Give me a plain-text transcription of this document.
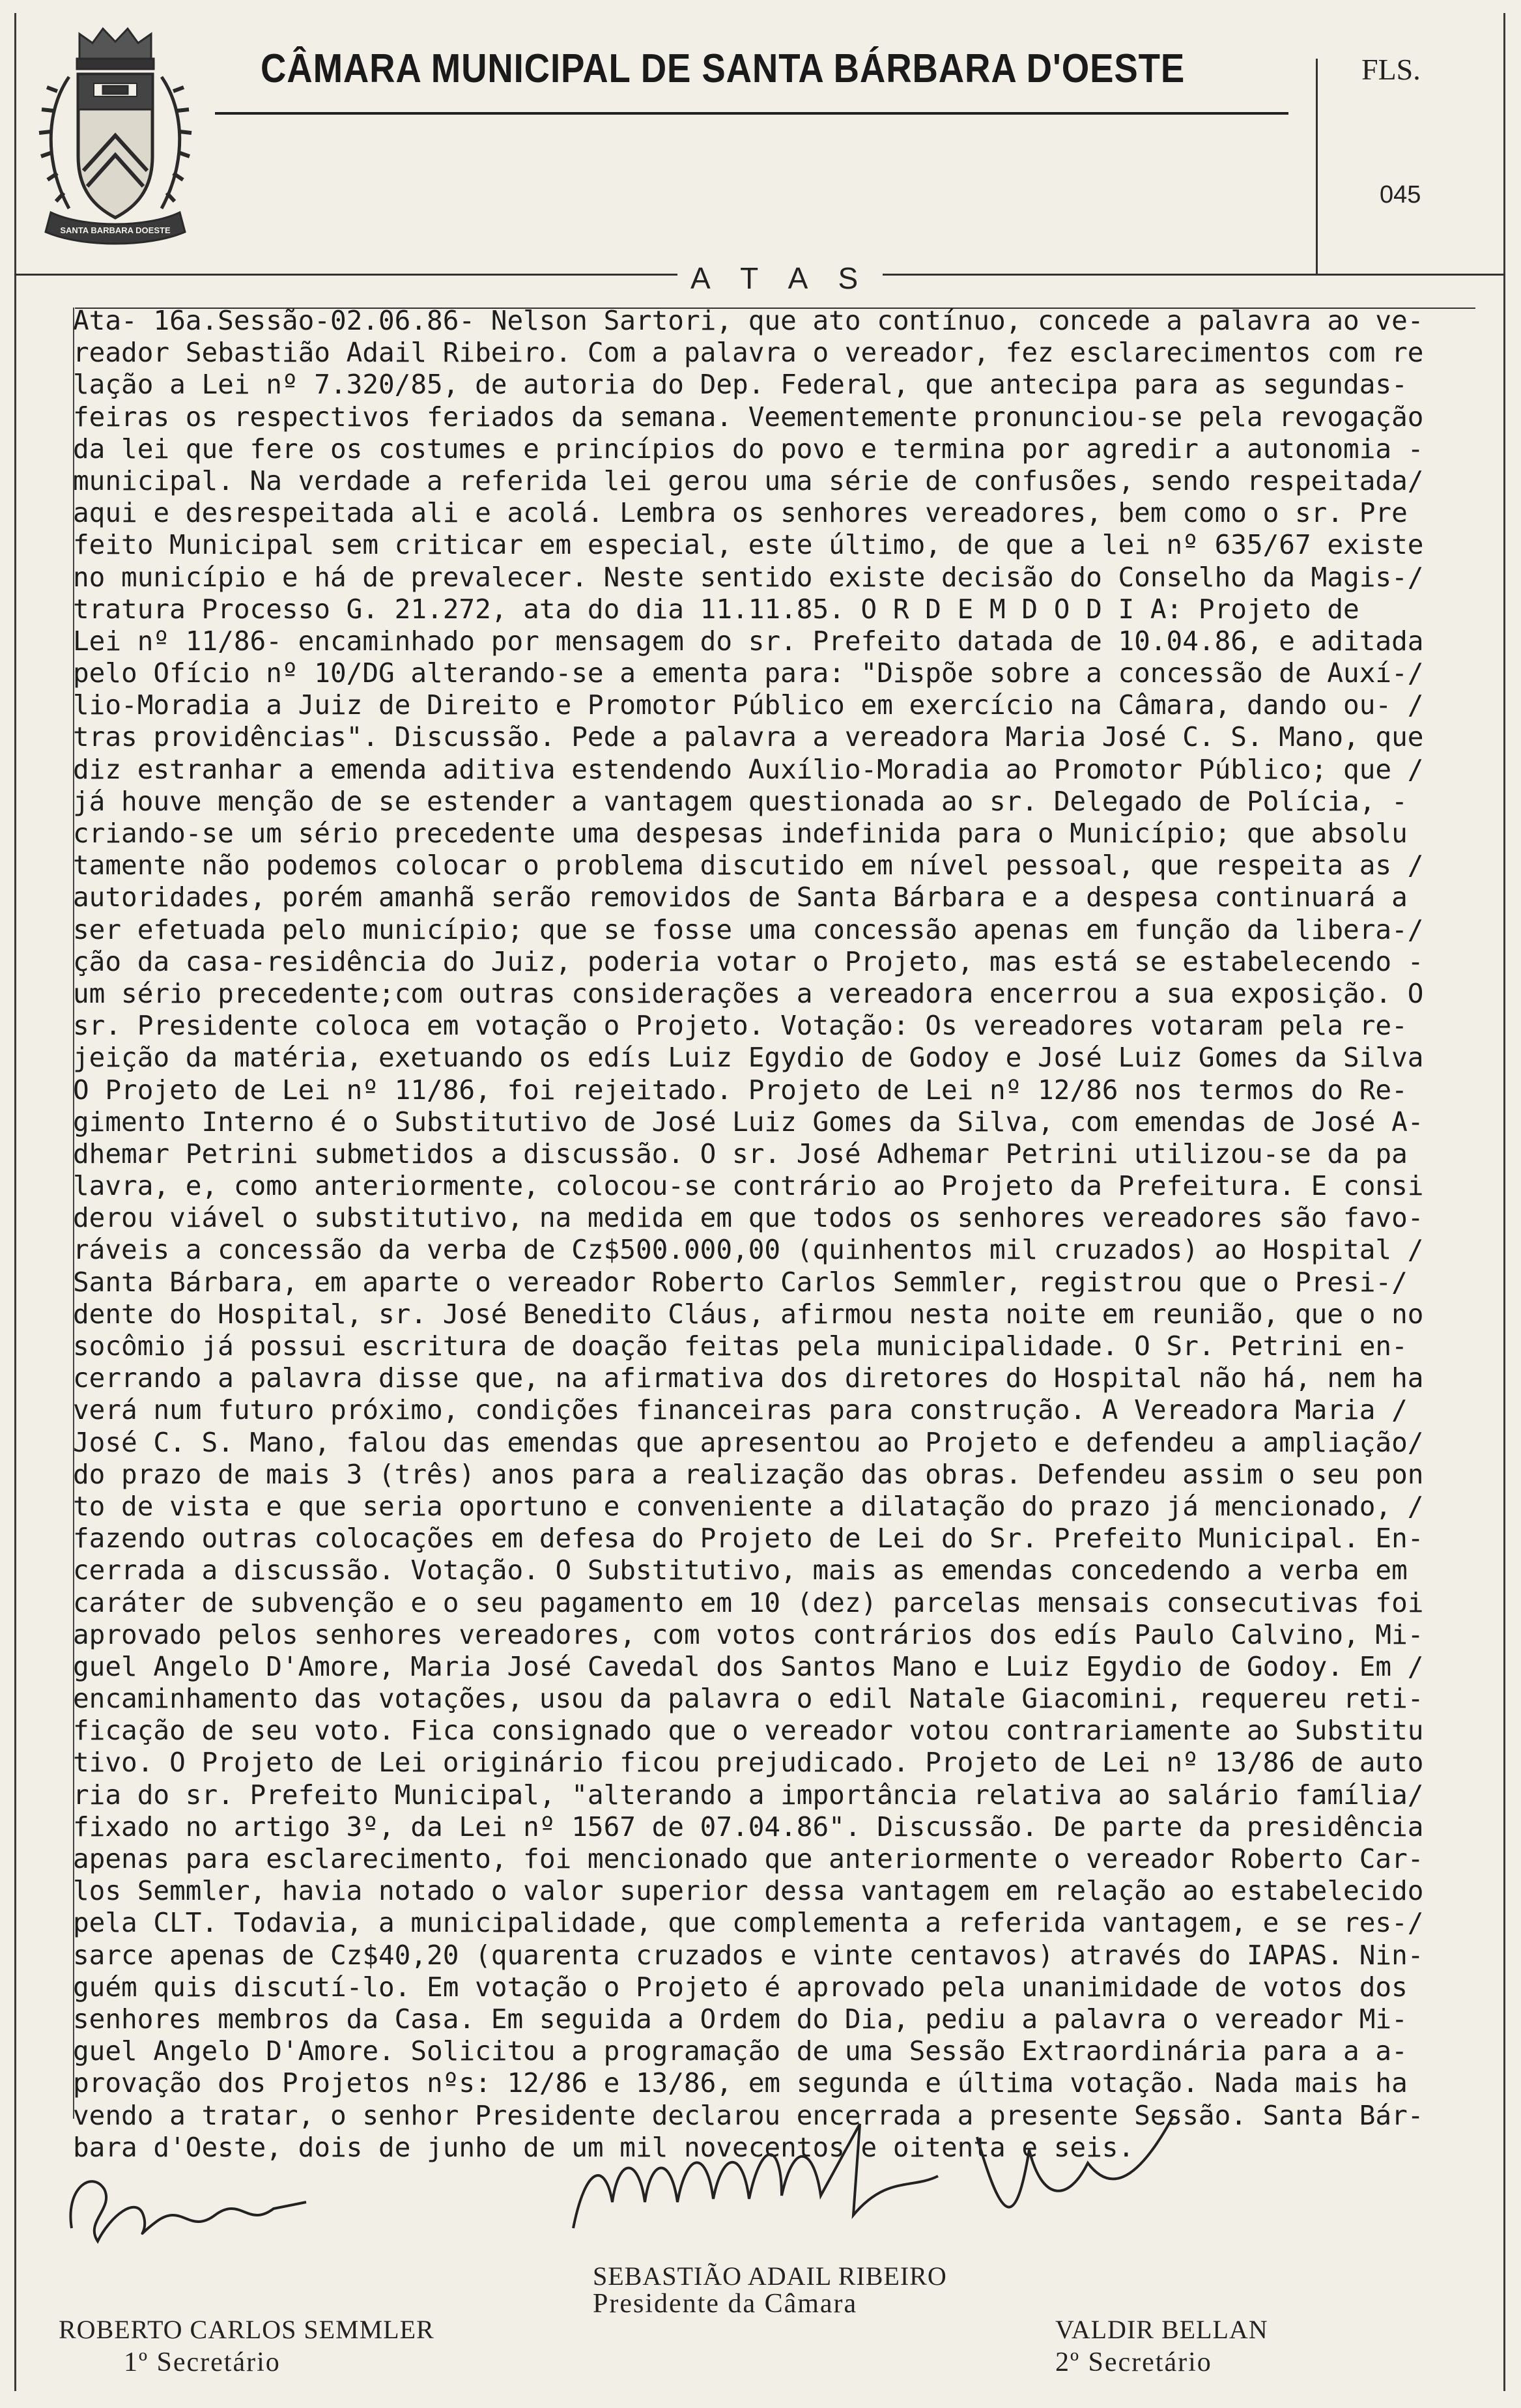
SANTA BARBARA DOESTE
CÂMARA MUNICIPAL DE SANTA BÁRBARA D'OESTE	FLS.
045
A T A S
Ata- 16a.Sessão-02.06.86- Nelson Sartori, que ato contínuo, concede a palavra ao ve-
reador Sebastião Adail Ribeiro. Com a palavra o vereador, fez esclarecimentos com re
lação a Lei nº 7.320/85, de autoria do Dep. Federal, que antecipa para as segundas-
feiras os respectivos feriados da semana. Veementemente pronunciou-se pela revogação
da lei que fere os costumes e princípios do povo e termina por agredir a autonomia -
municipal. Na verdade a referida lei gerou uma série de confusões, sendo respeitada/
aqui e desrespeitada ali e acolá. Lembra os senhores vereadores, bem como o sr. Pre
feito Municipal sem criticar em especial, este último, de que a lei nº 635/67 existe
no município e há de prevalecer. Neste sentido existe decisão do Conselho da Magis-/
tratura Processo G. 21.272, ata do dia 11.11.85. O R D E M D O D I A: Projeto de
Lei nº 11/86- encaminhado por mensagem do sr. Prefeito datada de 10.04.86, e aditada
pelo Ofício nº 10/DG alterando-se a ementa para: "Dispõe sobre a concessão de Auxí-/
lio-Moradia a Juiz de Direito e Promotor Público em exercício na Câmara, dando ou- /
tras providências". Discussão. Pede a palavra a vereadora Maria José C. S. Mano, que
diz estranhar a emenda aditiva estendendo Auxílio-Moradia ao Promotor Público; que /
já houve menção de se estender a vantagem questionada ao sr. Delegado de Polícia, -
criando-se um sério precedente uma despesas indefinida para o Município; que absolu
tamente não podemos colocar o problema discutido em nível pessoal, que respeita as /
autoridades, porém amanhã serão removidos de Santa Bárbara e a despesa continuará a
ser efetuada pelo município; que se fosse uma concessão apenas em função da libera-/
ção da casa-residência do Juiz, poderia votar o Projeto, mas está se estabelecendo -
um sério precedente;com outras considerações a vereadora encerrou a sua exposição. O
sr. Presidente coloca em votação o Projeto. Votação: Os vereadores votaram pela re-
jeição da matéria, exetuando os edís Luiz Egydio de Godoy e José Luiz Gomes da Silva
O Projeto de Lei nº 11/86, foi rejeitado. Projeto de Lei nº 12/86 nos termos do Re-
gimento Interno é o Substitutivo de José Luiz Gomes da Silva, com emendas de José A-
dhemar Petrini submetidos a discussão. O sr. José Adhemar Petrini utilizou-se da pa
lavra, e, como anteriormente, colocou-se contrário ao Projeto da Prefeitura. E consi
derou viável o substitutivo, na medida em que todos os senhores vereadores são favo-
ráveis a concessão da verba de Cz$500.000,00 (quinhentos mil cruzados) ao Hospital /
Santa Bárbara, em aparte o vereador Roberto Carlos Semmler, registrou que o Presi-/
dente do Hospital, sr. José Benedito Cláus, afirmou nesta noite em reunião, que o no
socômio já possui escritura de doação feitas pela municipalidade. O Sr. Petrini en-
cerrando a palavra disse que, na afirmativa dos diretores do Hospital não há, nem ha
verá num futuro próximo, condições financeiras para construção. A Vereadora Maria /
José C. S. Mano, falou das emendas que apresentou ao Projeto e defendeu a ampliação/
do prazo de mais 3 (três) anos para a realização das obras. Defendeu assim o seu pon
to de vista e que seria oportuno e conveniente a dilatação do prazo já mencionado, /
fazendo outras colocações em defesa do Projeto de Lei do Sr. Prefeito Municipal. En-
cerrada a discussão. Votação. O Substitutivo, mais as emendas concedendo a verba em
caráter de subvenção e o seu pagamento em 10 (dez) parcelas mensais consecutivas foi
aprovado pelos senhores vereadores, com votos contrários dos edís Paulo Calvino, Mi-
guel Angelo D'Amore, Maria José Cavedal dos Santos Mano e Luiz Egydio de Godoy. Em /
encaminhamento das votações, usou da palavra o edil Natale Giacomini, requereu reti-
ficação de seu voto. Fica consignado que o vereador votou contrariamente ao Substitu
tivo. O Projeto de Lei originário ficou prejudicado. Projeto de Lei nº 13/86 de auto
ria do sr. Prefeito Municipal, "alterando a importância relativa ao salário família/
fixado no artigo 3º, da Lei nº 1567 de 07.04.86". Discussão. De parte da presidência
apenas para esclarecimento, foi mencionado que anteriormente o vereador Roberto Car-
los Semmler, havia notado o valor superior dessa vantagem em relação ao estabelecido
pela CLT. Todavia, a municipalidade, que complementa a referida vantagem, e se res-/
sarce apenas de Cz$40,20 (quarenta cruzados e vinte centavos) através do IAPAS. Nin-
guém quis discutí-lo. Em votação o Projeto é aprovado pela unanimidade de votos dos
senhores membros da Casa. Em seguida a Ordem do Dia, pediu a palavra o vereador Mi-
guel Angelo D'Amore. Solicitou a programação de uma Sessão Extraordinária para a a-
provação dos Projetos nºs: 12/86 e 13/86, em segunda e última votação. Nada mais ha
vendo a tratar, o senhor Presidente declarou encerrada a presente Sessão. Santa Bár-
bara d'Oeste, dois de junho de um mil novecentos e oitenta e seis.
ROBERTO CARLOS SEMMLER
1º Secretário
SEBASTIÃO ADAIL RIBEIRO
Presidente da Câmara
VALDIR BELLAN
2º Secretário
